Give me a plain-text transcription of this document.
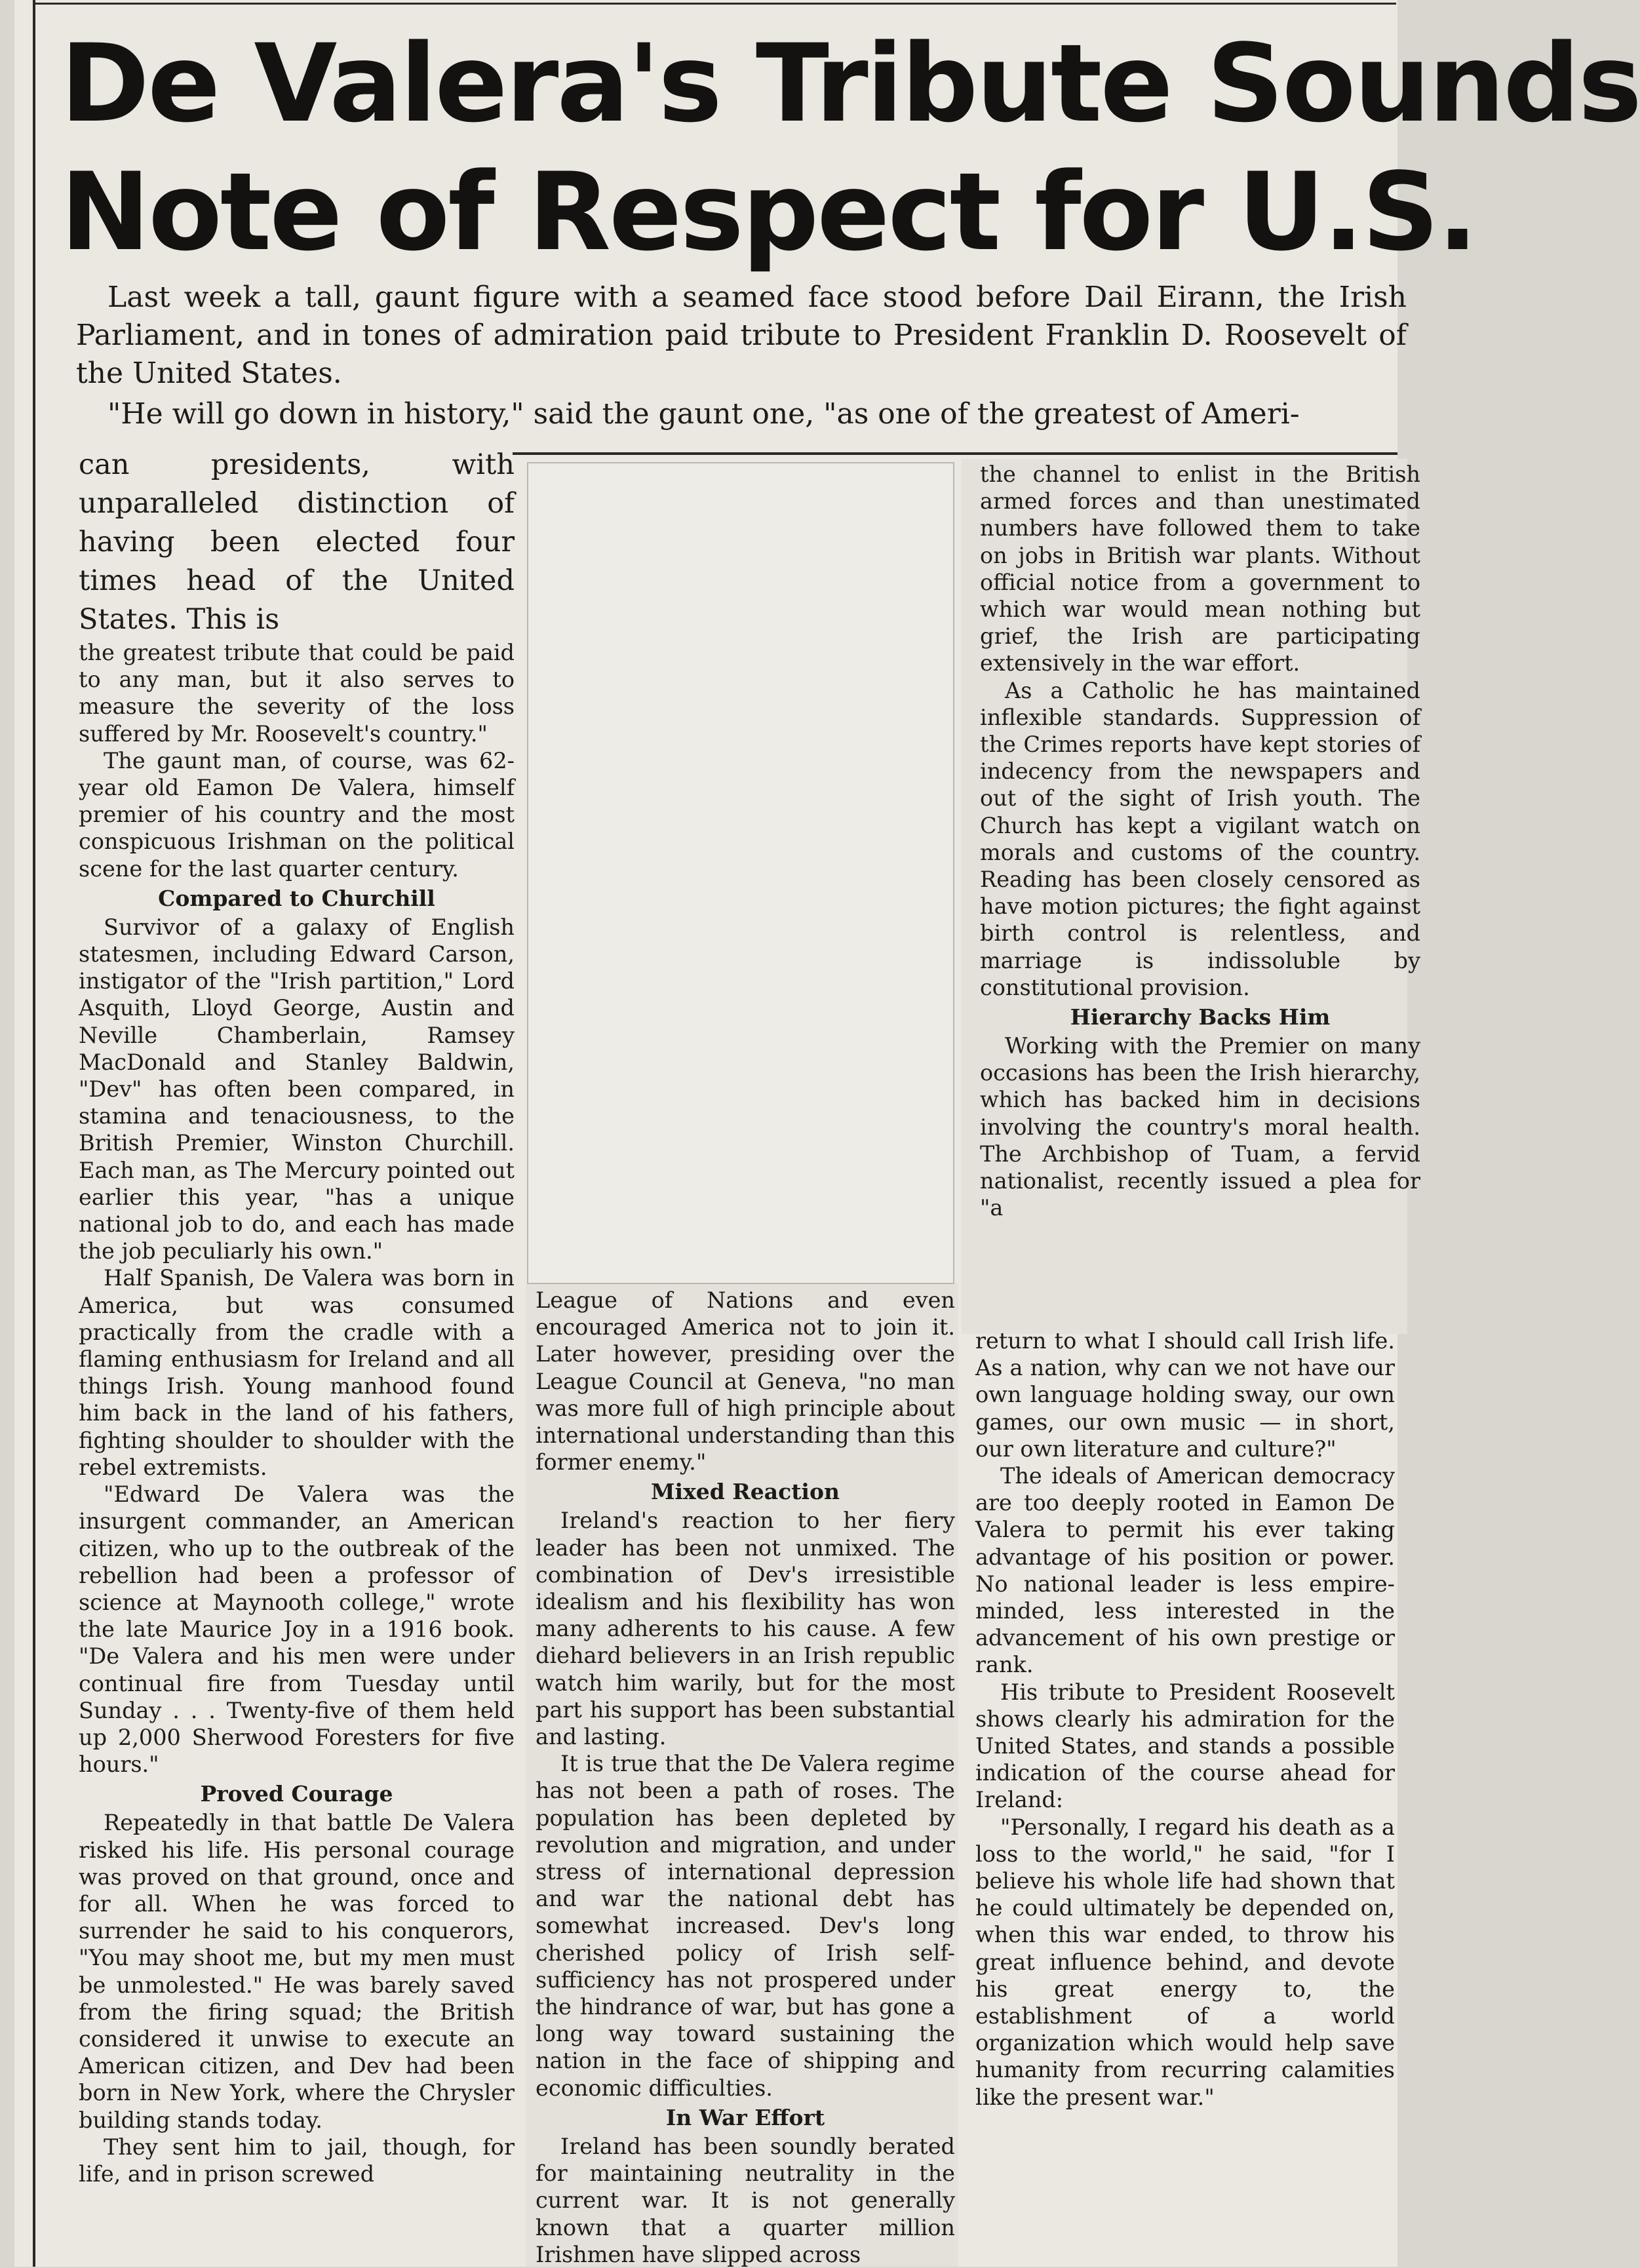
De Valera's Tribute Sounds
Note of Respect for U.S.

Last week a tall, gaunt figure with a seamed face stood before Dail Eirann, the Irish Parliament, and in tones of admiration paid tribute to President Franklin D. Roosevelt of the United States.

"He will go down in history," said the gaunt one, "as one of the greatest of Ameri-

can presidents, with unparalleled distinction of having been elected four times head of the United States. This is

the greatest tribute that could be paid to any man, but it also serves to measure the severity of the loss suffered by Mr. Roosevelt's country."

The gaunt man, of course, was 62-year old Eamon De Valera, himself premier of his country and the most conspicuous Irishman on the political scene for the last quarter century.

Compared to Churchill

Survivor of a galaxy of English statesmen, including Edward Carson, instigator of the "Irish partition," Lord Asquith, Lloyd George, Austin and Neville Chamberlain, Ramsey MacDonald and Stanley Baldwin, "Dev" has often been compared, in stamina and tenaciousness, to the British Premier, Winston Churchill. Each man, as The Mercury pointed out earlier this year, "has a unique national job to do, and each has made the job peculiarly his own."

Half Spanish, De Valera was born in America, but was consumed practically from the cradle with a flaming enthusiasm for Ireland and all things Irish. Young manhood found him back in the land of his fathers, fighting shoulder to shoulder with the rebel extremists.

"Edward De Valera was the insurgent commander, an American citizen, who up to the outbreak of the rebellion had been a professor of science at Maynooth college," wrote the late Maurice Joy in a 1916 book. "De Valera and his men were under continual fire from Tuesday until Sunday . . . Twenty-five of them held up 2,000 Sherwood Foresters for five hours."

Proved Courage

Repeatedly in that battle De Valera risked his life. His personal courage was proved on that ground, once and for all. When he was forced to surrender he said to his conquerors, "You may shoot me, but my men must be unmolested." He was barely saved from the firing squad; the British considered it unwise to execute an American citizen, and Dev had been born in New York, where the Chrysler building stands today.

They sent him to jail, though, for life, and in prison screwed

League of Nations and even encouraged America not to join it. Later however, presiding over the League Council at Geneva, "no man was more full of high principle about international understanding than this former enemy."

Mixed Reaction

Ireland's reaction to her fiery leader has been not unmixed. The combination of Dev's irresistible idealism and his flexibility has won many adherents to his cause. A few diehard believers in an Irish republic watch him warily, but for the most part his support has been substantial and lasting.

It is true that the De Valera regime has not been a path of roses. The population has been depleted by revolution and migration, and under stress of international depression and war the national debt has somewhat increased. Dev's long cherished policy of Irish self-sufficiency has not prospered under the hindrance of war, but has gone a long way toward sustaining the nation in the face of shipping and economic difficulties.

In War Effort

Ireland has been soundly berated for maintaining neutrality in the current war. It is not generally known that a quarter million Irishmen have slipped across

the channel to enlist in the British armed forces and than unestimated numbers have followed them to take on jobs in British war plants. Without official notice from a government to which war would mean nothing but grief, the Irish are participating extensively in the war effort.

As a Catholic he has maintained inflexible standards. Suppression of the Crimes reports have kept stories of indecency from the newspapers and out of the sight of Irish youth. The Church has kept a vigilant watch on morals and customs of the country. Reading has been closely censored as have motion pictures; the fight against birth control is relentless, and marriage is indissoluble by constitutional provision.

Hierarchy Backs Him

Working with the Premier on many occasions has been the Irish hierarchy, which has backed him in decisions involving the country's moral health. The Archbishop of Tuam, a fervid nationalist, recently issued a plea for "a

return to what I should call Irish life. As a nation, why can we not have our own language holding sway, our own games, our own music — in short, our own literature and culture?"

The ideals of American democracy are too deeply rooted in Eamon De Valera to permit his ever taking advantage of his position or power. No national leader is less empire-minded, less interested in the advancement of his own prestige or rank.

His tribute to President Roosevelt shows clearly his admiration for the United States, and stands a possible indication of the course ahead for Ireland:

"Personally, I regard his death as a loss to the world," he said, "for I believe his whole life had shown that he could ultimately be depended on, when this war ended, to throw his great influence behind, and devote his great energy to, the establishment of a world organization which would help save humanity from recurring calamities like the present war."
